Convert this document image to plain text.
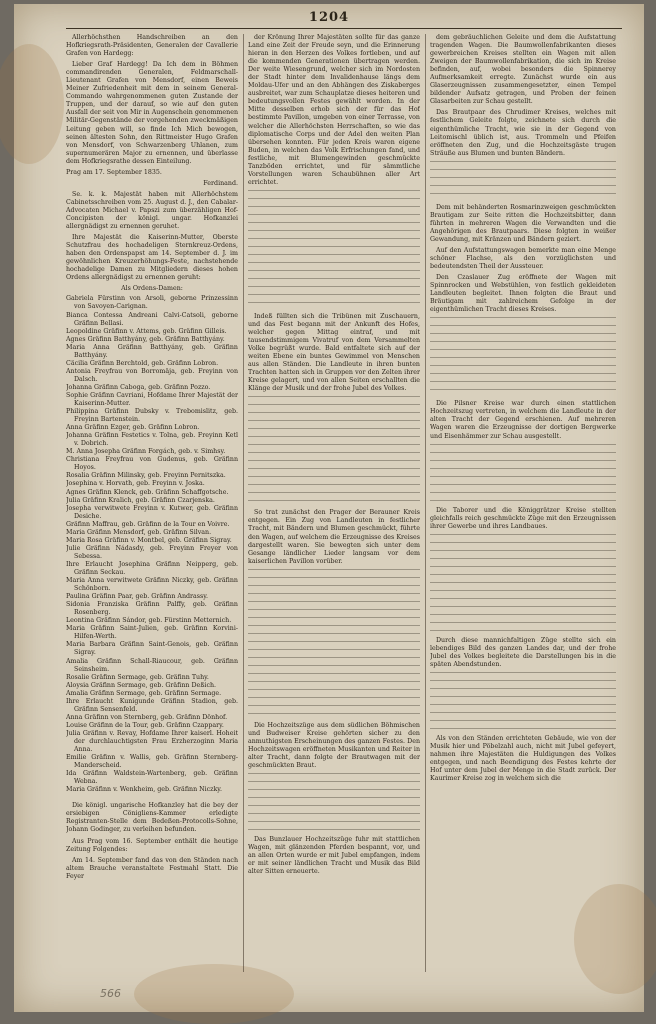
1204

Allerhöchsthen Handschreiben an den Hofkriegsrath-Präsidenten, Generalen der Cavallerie Grafen von Hardegg:

Lieber Graf Hardegg! Da Ich dem in Böhmen commandirenden Generalen, Feldmarschall-Lieutenant Grafen von Mensdorf, einen Beweis Meiner Zufriedenheit mit dem in seinem General-Commando wahrgenommenen guten Zustande der Truppen, und der darauf, so wie auf den guten Ausfall der seit von Mir in Augenschein genommenen Militär-Gegenstände der vorgehenden zweckmäßigen Leitung geben will, so finde Ich Mich bewogen, seinen ältesten Sohn, den Rittmeister Hugo Grafen von Mensdorf, von Schwarzenberg Uhlanen, zum supernumerären Major zu ernennen, und überlasse dem Hofkriegsrathe dessen Einteilung.

Prag am 17. September 1835.
Ferdinand.

Se. k. k. Majestät haben mit Allerhöchstem Cabinetsschreiben vom 25. August d. J., den Cabalar-Advocaten Michael v. Papszi zum überzähligen Hof-Concipisten der königl. ungar. Hofkanzlei allergnädigst zu ernennen geruhet.

Ihre Majestät die Kaiserinn-Mutter, Oberste Schutzfrau des hochadeligen Sternkreuz-Ordens, haben den Ordenspapst am 14. September d. J. im gewöhnlichen Kreuzerhöhungs-Feste, nachstehende hochadelige Damen zu Mitgliedern dieses hohen Ordens allergnädigst zu ernennen geruht:

Als Ordens-Damen:
Gabriela Fürstinn von Arsoli, geborne Prinzessinn von Savoyen-Carignan.
Bianca Contessa Andreani Calvi-Catsoli, geborne Gräfinn Bellasi.
Leopoldine Gräfinn v. Attems, geb. Gräfinn Gilleis.
Agnes Gräfinn Batthyány, geb. Gräfinn Batthyány.
Maria Anna Gräfinn Batthyány, geb. Gräfinn Batthyány.
Cäcilia Gräfinn Berchtold, geb. Gräfinn Lobron.
Antonia Freyfrau von Borromäja, geb. Freyinn von Dalsch.
Johanna Gräfinn Caboga, geb. Gräfinn Pozzo.
Sophie Gräfinn Cavriani, Hofdame Ihrer Majestät der Kaiserinn-Mutter.
Philippina Gräfinn Dubsky v. Trebomislitz, geb. Freyinn Bartenstein.
Anna Gräfinn Ezger, geb. Gräfinn Lobron.
Johanna Gräfinn Festetics v. Tolna, geb. Freyinn Ketl v. Dobrich.
M. Anna Josepha Gräfinn Forgách, geb. v. Simhsy.
Christiana Freyfrau von Gudenus, geb. Gräfinn Hoyos.
Rosalia Gräfinn Milinsky, geb. Freyinn Pernitszka.
Josephina v. Horvath, geb. Freyinn v. Joska.
Agnes Gräfinn Klenck, geb. Gräfinn Schaffgotsche.
Julia Gräfinn Kralich, geb. Gräfinn Czarjenska.
Josepha verwitwete Freyinn v. Kutwer, geb. Gräfinn Desiche.
Gräfinn Maffrau, geb. Gräfinn de la Tour en Voivre.
Maria Gräfinn Mensdorf, geb. Gräfinn Silvan.
Maria Rosa Gräfinn v. Montbel, geb. Gräfinn Sigray.
Julie Gräfinn Nádasdy, geb. Freyinn Freyer von Sebessa.
Ihre Erlaucht Josephina Gräfinn Neipperg, geb. Gräfinn Seckau.
Maria Anna verwitwete Gräfinn Niczky, geb. Gräfinn Schönborn.
Paulina Gräfinn Paar, geb. Gräfinn Andrassy.
Sidonia Franziska Gräfinn Palffy, geb. Gräfinn Rosenberg.
Leontina Gräfinn Sándor, geb. Fürstinn Metternich.
Maria Gräfinn Saint-Julien, geb. Gräfinn Korvini-Hilfen-Werth.
Maria Barbara Gräfinn Saint-Genois, geb. Gräfinn Sigray.
Amalia Gräfinn Schall-Riaucour, geb. Gräfinn Seinsheim.
Rosalie Gräfinn Sermage, geb. Gräfinn Tuhy.
Aloysia Gräfinn Sermage, geb. Gräfinn Deßich.
Amalia Gräfinn Sermage, geb. Gräfinn Sermage.
Ihre Erlaucht Kunigunde Gräfinn Stadion, geb. Gräfinn Sensenfeld.
Anna Gräfinn von Sternberg, geb. Gräfinn Dönhof.
Louise Gräfinn de la Tour, geb. Gräfinn Czappary.
Julia Gräfinn v. Revay, Hofdame Ihrer kaiserl. Hoheit der durchlauchtigsten Frau Erzherzoginn Maria Anna.
Emilie Gräfinn v. Wallis, geb. Gräfinn Sternberg-Manderscheid.
Ida Gräfinn Waldstein-Wartenberg, geb. Gräfinn Webna.
Maria Gräfinn v. Wenkheim, geb. Gräfinn Niczky.

Die königl. ungarische Hofkanzley hat die bey der ersiebigen Cönigliens-Kammer erledigte Registranten-Stelle dem Bedeßen-Protocolls-Sohne, Johann Godinger, zu verleihen befunden.

Aus Prag vom 16. September enthält die heutige Zeitung Folgendes:

Am 14. September fand das von den Ständen nach altem Brauche veranstaltete Festmahl Statt. Die Feyer

der Krönung Ihrer Majestäten sollte für das ganze Land eine Zeit der Freude seyn, und die Erinnerung hieran in den Herzen des Volkes fortleben, und auf die kommenden Generationen übertragen werden. Der weite Wiesengrund, welcher sich im Nordosten der Stadt hinter dem Invalidenhause längs dem Moldau-Ufer und an den Abhängen des Ziskaberges ausbreitet, war zum Schauplatze dieses heiteren und bedeutungsvollen Festes gewählt worden. In der Mitte desselben erhob sich der für das Hof bestimmte Pavillon, umgeben von einer Terrasse, von welcher die Allerhöchsten Herrschaften, so wie das diplomatische Corps und der Adel den weiten Plan übersehen konnten. Für jeden Kreis waren eigene Buden, in welchen das Volk Erfrischungen fand, und festliche, mit Blumengewinden geschmückte Tanzböden errichtet, und für sämmtliche Vorstellungen waren Schaubühnen aller Art errichtet.

Indeß füllten sich die Tribünen mit Zuschauern, und das Fest begann mit der Ankunft des Hofes, welcher gegen Mittag eintraf, und mit tausendstimmigem Vivatruf von dem Versammelten Volke begrüßt wurde. Bald entfaltete sich auf der weiten Ebene ein buntes Gewimmel von Menschen aus allen Ständen. Die Landleute in ihren bunten Trachten hatten sich in Gruppen vor den Zelten ihrer Kreise gelagert, und von allen Seiten erschallten die Klänge der Musik und der frohe Jubel des Volkes.

So trat zunächst den Prager der Berauner Kreis entgegen. Ein Zug von Landleuten in festlicher Tracht, mit Bändern und Blumen geschmückt, führte den Wagen, auf welchem die Erzeugnisse des Kreises dargestellt waren. Sie bewegten sich unter dem Gesange ländlicher Lieder langsam vor dem kaiserlichen Pavillon vorüber.

Die Hochzeitszüge aus dem südlichen Böhmischen und Budweiser Kreise gehörten sicher zu den anmuthigsten Erscheinungen des ganzen Festes. Den Hochzeitswagen eröffneten Musikanten und Reiter in alter Tracht, dann folgte der Brautwagen mit der geschmückten Braut.

Das Bunzlauer Hochzeitszüge fuhr mit stattlichen Wagen, mit glänzenden Pferden bespannt, vor, und an allen Orten wurde er mit Jubel empfangen, indem er mit seiner ländlichen Tracht und Musik das Bild alter Sitten erneuerte.

dem gebräuchlichen Geleite und dem die Aufstattung tragenden Wagen. Die Baumwollenfabrikanten dieses gewerbreichen Kreises stellten ein Wagen mit allen Zweigen der Baumwollenfabrikation, die sich im Kreise befinden, auf, wobei besonders die Spinnerey Aufmerksamkeit erregte. Zunächst wurde ein aus Glaserzeugnissen zusammengesetzter, einen Tempel bildender Aufsatz getragen, und Proben der feinen Glasarbeiten zur Schau gestellt.

Das Brautpaar des Chrudimer Kreises, welches mit festlichem Geleite folgte, zeichnete sich durch die eigenthümliche Tracht, wie sie in der Gegend von Leitomischl üblich ist, aus. Trommeln und Pfeifen eröffneten den Zug, und die Hochzeitsgäste trugen Sträuße aus Blumen und bunten Bändern.

Dem mit behänderten Rosmarinzweigen geschmückten Brautigam zur Seite ritten die Hochzeitsbitter, dann führten in mehreren Wagen die Verwandten und die Angehörigen des Brautpaars. Diese folgten in weißer Gewandung, mit Kränzen und Bändern geziert.

Auf den Aufstattungswagen bemerkte man eine Menge schöner Flachse, als den vorzüglichsten und bedeutendsten Theil der Aussteuer.

Den Czaslauer Zug eröffnete der Wagen mit Spinnrocken und Webstühlen, von festlich gekleideten Landleuten begleitet. Ihnen folgten die Braut und Bräutigam mit zahlreichem Gefolge in der eigenthümlichen Tracht dieses Kreises.

Die Pilsner Kreise war durch einen stattlichen Hochzeitszug vertreten, in welchem die Landleute in der alten Tracht der Gegend erschienen. Auf mehreren Wagen waren die Erzeugnisse der dortigen Bergwerke und Eisenhämmer zur Schau ausgestellt.

Die Taborer und die Königgrätzer Kreise stellten gleichfalls reich geschmückte Züge mit den Erzeugnissen ihrer Gewerbe und ihres Landbaues.

Durch diese mannichfaltigen Züge stellte sich ein lebendiges Bild des ganzen Landes dar, und der frohe Jubel des Volkes begleitete die Darstellungen bis in die späten Abendstunden.

Als von den Ständen errichteten Gebäude, wie von der Musik hier und Pöbelzahl auch, nicht mit Jubel gefeyert, nahmen ihre Majestäten die Huldigungen des Volkes entgegen, und nach Beendigung des Festes kehrte der Hof unter dem Jubel der Menge in die Stadt zurück. Der Kaurimer Kreise zog in welchem sich die

566
